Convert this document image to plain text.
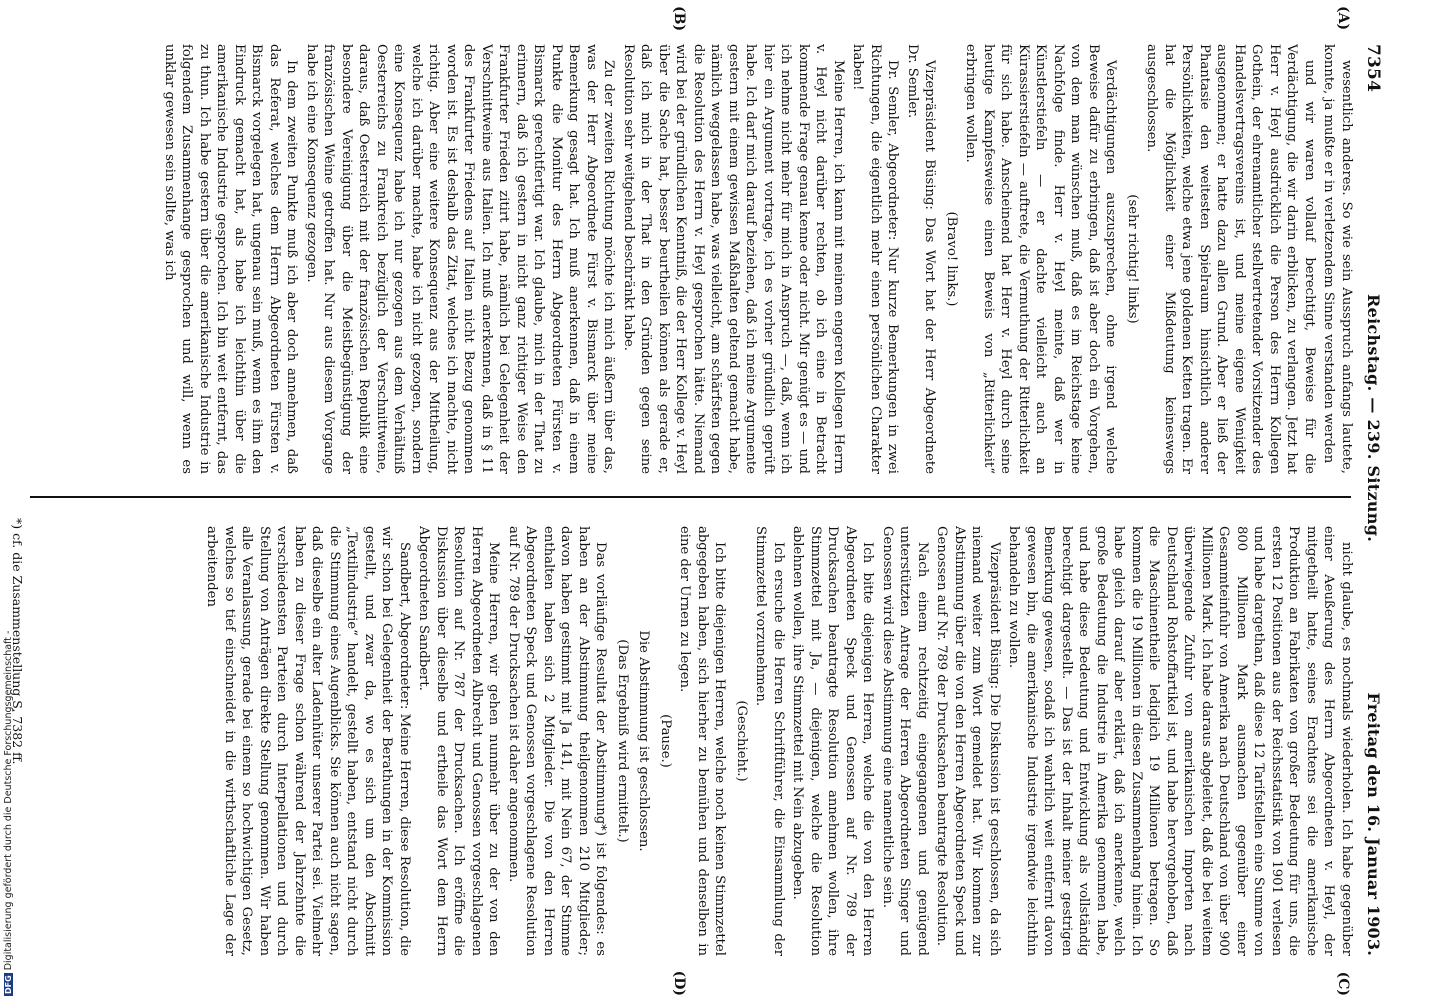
7354
Reichstag. — 239. Sitzung.
Freitag den 16. Januar 1903.

wesentlich anderes. So wie sein Ausspruch anfangs lautete, konnte, ja mußte er in verletzendem Sinne verstanden werden

und wir waren vollauf berechtigt, Beweise für die Verdächtigung, die wir darin erblicken, zu verlangen. Jetzt hat Herr v. Heyl ausdrücklich die Person des Herrn Kollegen Gothein, der ehrenamtlicher stellvertretender Vorsitzender des Handelsvertragsvereins ist, und meine eigene Wenigkeit ausgenommen; er hatte dazu allen Grund. Aber er ließ der Phantasie den weitesten Spielraum hinsichtlich anderer Persönlichkeiten, welche etwa jene goldenen Ketten tragen. Er hat die Möglichkeit einer Mißdeutung keineswegs ausgeschlossen.

(sehr richtig! links)

Verdächtigungen auszusprechen, ohne irgend welche Beweise dafür zu erbringen, daß ist aber doch ein Vorgehen, von dem man wünschen muß, daß es im Reichstage keine Nachfolge finde. Herr v. Heyl meinte, daß wer in Künstlerstiefeln — er dachte vielleicht auch an Kürassierstiefeln — auftrete, die Vermuthung der Ritterlichkeit für sich habe. Anscheinend hat Herr v. Heyl durch seine heutige Kampfesweise einen Beweis von „Ritterlichkeit“ erbringen wollen.

(Bravo! links.)

Vizepräsident Büsing: Das Wort hat der Herr Abgeordnete Dr. Semler.

Dr. Semler, Abgeordneter: Nur kurze Bemerkungen in zwei Richtungen, die eigentlich mehr einen persönlichen Charakter haben!

Meine Herren, ich kann mit meinem engeren Kollegen Herrn v. Heyl nicht darüber rechten, ob ich eine in Betracht kommende Frage genau kenne oder nicht. Mir genügt es — und ich nehme nicht mehr für mich in Anspruch —, daß, wenn ich hier ein Argument vortrage, ich es vorher gründlich geprüft habe. Ich darf mich darauf beziehen, daß ich meine Argumente gestern mit einem gewissen Maßhalten geltend gemacht habe, nämlich weggelassen habe, was vielleicht, am schärfsten gegen die Resolution des Herrn v. Heyl gesprochen hätte. Niemand wird bei der gründlichen Kenntniß, die der Herr Kollege v. Heyl über die Sache hat, besser beurtheilen können als gerade er, daß ich mich in der That in den Gründen gegen seine Resolution sehr weitgehend beschränkt habe.

Zu der zweiten Richtung möchte ich mich äußern über das, was der Herr Abgeordnete Fürst v. Bismarck über meine Bemerkung gesagt hat. Ich muß anerkennen, daß in einem Punkte die Monitur des Herrn Abgeordneten Fürsten v. Bismarck gerechtfertigt war. Ich glaube, mich in der That zu erinnern, daß ich gestern in nicht ganz richtiger Weise den Frankfurter Frieden zitirt habe, nämlich bei Gelegenheit der Verschnittweine aus Italien. Ich muß anerkennen, daß in § 11 des Frankfurter Friedens auf Italien nicht Bezug genommen worden ist. Es ist deshalb das Zitat, welches ich machte, nicht richtig. Aber eine weitere Konsequenz aus der Mittheilung, welche ich darüber machte, habe ich nicht gezogen, sondern eine Konsequenz habe ich nur gezogen aus dem Verhältniß Oesterreichs zu Frankreich bezüglich der Verschnittweine, daraus, daß Oesterreich mit der französischen Republik eine besondere Vereinigung über die Meistbegünstigung der französischen Weine getroffen hat. Nur aus diesem Vorgange habe ich eine Konsequenz gezogen.

In dem zweiten Punkte muß ich aber doch annehmen, daß das Referat, welches dem Herrn Abgeordneten Fürsten v. Bismarck vorgelegen hat, ungenau sein muß, wenn es ihm den Eindruck gemacht hat, als habe ich leichthin über die amerikanische Industrie gesprochen. Ich bin weit entfernt, das zu thun. Ich habe gestern über die amerikanische Industrie in folgendem Zusammenhange gesprochen und will, wenn es unklar gewesen sein sollte, was ich

nicht glaube, es nochmals wiederholen. Ich habe gegenüber einer Aeußerung des Herrn Abgeordneten v. Heyl, der mitgetheilt hatte, seines Erachtens sei die amerikanische Produktion an Fabrikaten von großer Bedeutung für uns, die ersten 12 Positionen aus der Reichsstatistik von 1901 verlesen und habe dargethan, daß diese 12 Tarifstellen eine Summe von 800 Millionen Mark ausmachen gegenüber einer Gesammteinfuhr von Amerika nach Deutschland von über 900 Millionen Mark. Ich habe daraus abgeleitet, daß die bei weitem überwiegende Zufuhr von amerikanischen Importen nach Deutschland Rohstoffartikel ist, und habe hervorgehoben, daß die Maschinentheile lediglich 19 Millionen betragen. So kommen die 19 Millionen in diesen Zusammenhang hinein. Ich habe gleich darauf aber erklärt, daß ich anerkenne, welch große Bedeutung die Industrie in Amerika genommen habe, und habe diese Bedeutung und Entwicklung als vollständig berechtigt dargestellt. — Das ist der Inhalt meiner gestrigen Bemerkung gewesen, sodaß ich wahrlich weit entfernt davon gewesen bin, die amerikanische Industrie irgendwie leichthin behandeln zu wollen.

Vizepräsident Büsing: Die Diskussion ist geschlossen, da sich niemand weiter zum Wort gemeldet hat. Wir kommen zur Abstimmung über die von den Herren Abgeordneten Speck und Genossen auf Nr. 789 der Drucksachen beantragte Resolution.

Nach einem rechtzeitig eingegangenen und genügend unterstützten Antrage der Herren Abgeordneten Singer und Genossen wird diese Abstimmung eine namentliche sein.

Ich bitte diejenigen Herren, welche die von den Herren Abgeordneten Speck und Genossen auf Nr. 789 der Drucksachen beantragte Resolution annehmen wollen, ihre Stimmzettel mit Ja, — diejenigen, welche die Resolution ablehnen wollen, ihre Stimmzettel mit Nein abzugeben.

Ich ersuche die Herren Schriftführer, die Einsammlung der Stimmzettel vorzunehmen.

(Geschieht.)

Ich bitte diejenigen Herren, welche noch keinen Stimmzettel abgegeben haben, sich hierher zu bemühen und denselben in eine der Urnen zu legen.

(Pause.)

Die Abstimmung ist geschlossen.

(Das Ergebniß wird ermittelt.)

Das vorläufige Resultat der Abstimmung*) ist folgendes: es haben an der Abstimmung theilgenommen 210 Mitglieder; davon haben gestimmt mit Ja 141, mit Nein 67, der Stimme enthalten haben sich 2 Mitglieder. Die von den Herren Abgeordneten Speck und Genossen vorgeschlagene Resolution auf Nr. 789 der Drucksachen ist daher angenommen.

Meine Herren, wir gehen nunmehr über zu der von den Herren Abgeordneten Albrecht und Genossen vorgeschlagenen Resolution auf Nr. 787 der Drucksachen. Ich eröffne die Diskussion über dieselbe und ertheile das Wort dem Herrn Abgeordneten Sandbert.

Sandbert, Abgeordneter: Meine Herren, diese Resolution, die wir schon bei Gelegenheit der Berathungen in der Kommission gestellt, und zwar da, wo es sich um den Abschnitt „Textilindustrie“ handelt, gestellt haben, entstand nicht durch die Stimmung eines Augenblicks. Sie können auch nicht sagen, daß dieselbe ein alter Ladenhüter unserer Partei sei. Vielmehr haben zu dieser Frage schon während der Jahrzehnte die verschiedensten Parteien durch Interpellationen und durch Stellung von Anträgen direkte Stellung genommen. Wir haben alle Veranlassung, gerade bei einem so hochwichtigen Gesetz, welches so tief einschneidet in die wirthschaftliche Lage der arbeitenden

*) cf. die Zusammenstellung S. 7382 ff.
(A)
(B)
(C)
(D)
DFG Digitalisierung gefördert durch die Deutsche Forschungsgemeinschaft -
